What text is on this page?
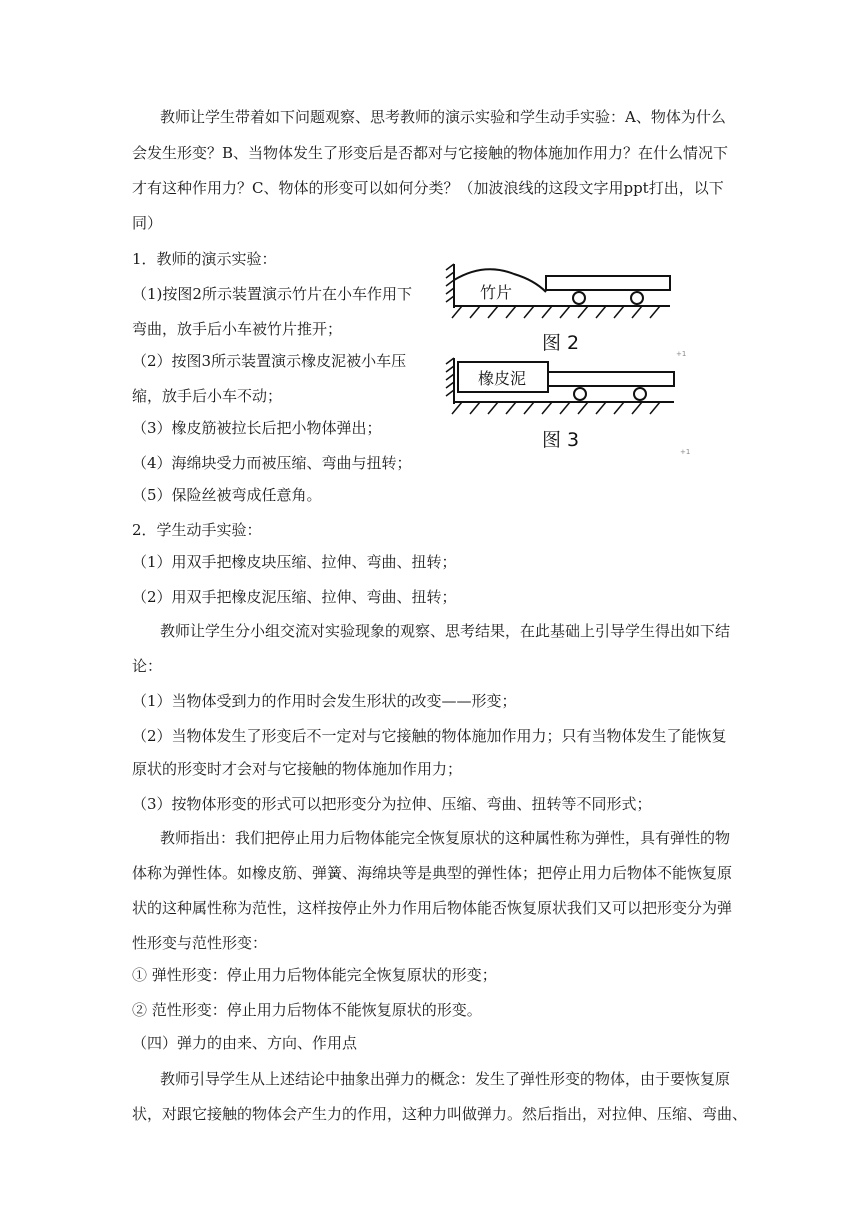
教师让学生带着如下问题观察、思考教师的演示实验和学生动手实验：A、物体为什么

会发生形变？B、当物体发生了形变后是否都对与它接触的物体施加作用力？在什么情况下

才有这种作用力？C、物体的形变可以如何分类？（加波浪线的这段文字用ppt打出，以下

同）

1．教师的演示实验：

（1)按图2所示装置演示竹片在小车作用下

弯曲，放手后小车被竹片推开；

（2）按图3所示装置演示橡皮泥被小车压

缩，放手后小车不动；

（3）橡皮筋被拉长后把小物体弹出；

（4）海绵块受力而被压缩、弯曲与扭转；

（5）保险丝被弯成任意角。

竹片
图 2	+1
橡皮泥
图 3
+1

2．学生动手实验：

（1）用双手把橡皮块压缩、拉伸、弯曲、扭转；

（2）用双手把橡皮泥压缩、拉伸、弯曲、扭转；

教师让学生分小组交流对实验现象的观察、思考结果，在此基础上引导学生得出如下结

论：

（1）当物体受到力的作用时会发生形状的改变——形变；

（2）当物体发生了形变后不一定对与它接触的物体施加作用力；只有当物体发生了能恢复

原状的形变时才会对与它接触的物体施加作用力；

（3）按物体形变的形式可以把形变分为拉伸、压缩、弯曲、扭转等不同形式；

教师指出：我们把停止用力后物体能完全恢复原状的这种属性称为弹性，具有弹性的物

体称为弹性体。如橡皮筋、弹簧、海绵块等是典型的弹性体；把停止用力后物体不能恢复原

状的这种属性称为范性，这样按停止外力作用后物体能否恢复原状我们又可以把形变分为弹

性形变与范性形变：

① 弹性形变：停止用力后物体能完全恢复原状的形变；

② 范性形变：停止用力后物体不能恢复原状的形变。

（四）弹力的由来、方向、作用点

教师引导学生从上述结论中抽象出弹力的概念：发生了弹性形变的物体，由于要恢复原

状，对跟它接触的物体会产生力的作用，这种力叫做弹力。然后指出，对拉伸、压缩、弯曲、
